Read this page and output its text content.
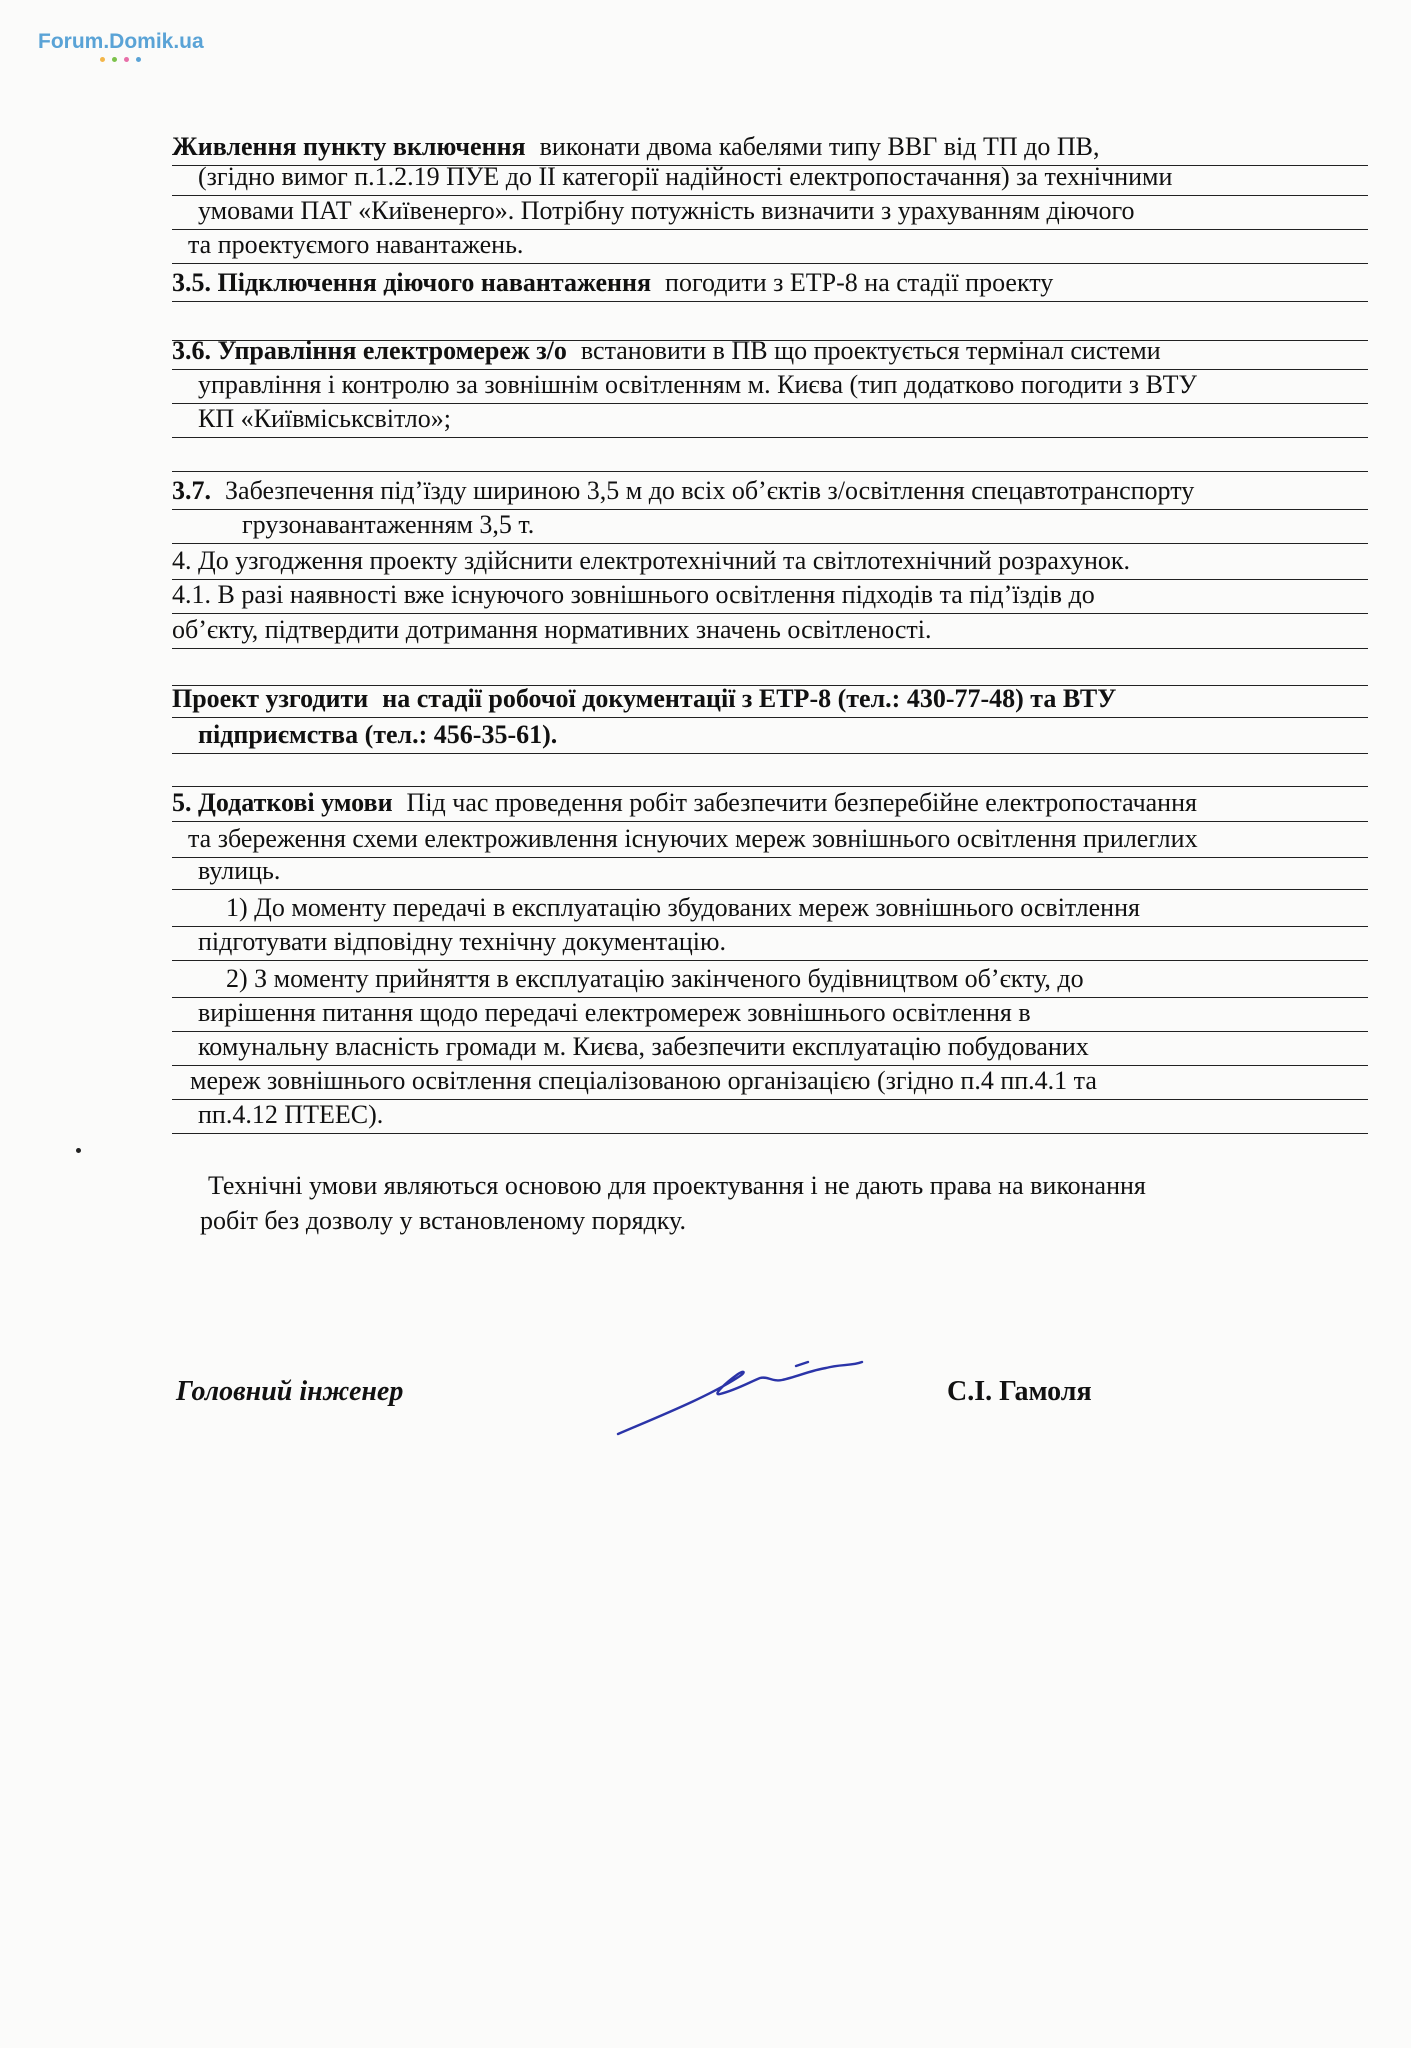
Forum.Domik.ua
Живлення пункту включення виконати двома кабелями типу ВВГ від ТП до ПВ,
(згідно вимог п.1.2.19 ПУЕ до ІІ категорії надійності електропостачання) за технічними
умовами ПАТ «Київенерго». Потрібну потужність визначити з урахуванням діючого
та проектуємого навантажень.
3.5. Підключення діючого навантаження погодити з ЕТР-8 на стадії проекту
3.6. Управління електромереж з/о встановити в ПВ що проектується термінал системи
управління і контролю за зовнішнім освітленням м. Києва (тип додатково погодити з ВТУ
КП «Київміськсвітло»;
3.7. Забезпечення під’їзду шириною 3,5 м до всіх об’єктів з/освітлення спецавтотранспорту
грузонавантаженням 3,5 т.
4. До узгодження проекту здійснити електротехнічний та світлотехнічний розрахунок.
4.1. В разі наявності вже існуючого зовнішнього освітлення підходів та під’їздів до
об’єкту, підтвердити дотримання нормативних значень освітленості.
Проект узгодити на стадії робочої документації з ЕТР-8 (тел.: 430-77-48) та ВТУ
підприємства (тел.: 456-35-61).
5. Додаткові умови Під час проведення робіт забезпечити безперебійне електропостачання
та збереження схеми електроживлення існуючих мереж зовнішнього освітлення прилеглих
вулиць.
1) До моменту передачі в експлуатацію збудованих мереж зовнішнього освітлення
підготувати відповідну технічну документацію.
2) З моменту прийняття в експлуатацію закінченого будівництвом об’єкту, до
вирішення питання щодо передачі електромереж зовнішнього освітлення в
комунальну власність громади м. Києва, забезпечити експлуатацію побудованих
мереж зовнішнього освітлення спеціалізованою організацією (згідно п.4 пп.4.1 та
пп.4.12 ПТЕЕС).
Технічні умови являються основою для проектування і не дають права на виконання
робіт без дозволу у встановленому порядку.
Головний інженер	С.І. Гамоля
